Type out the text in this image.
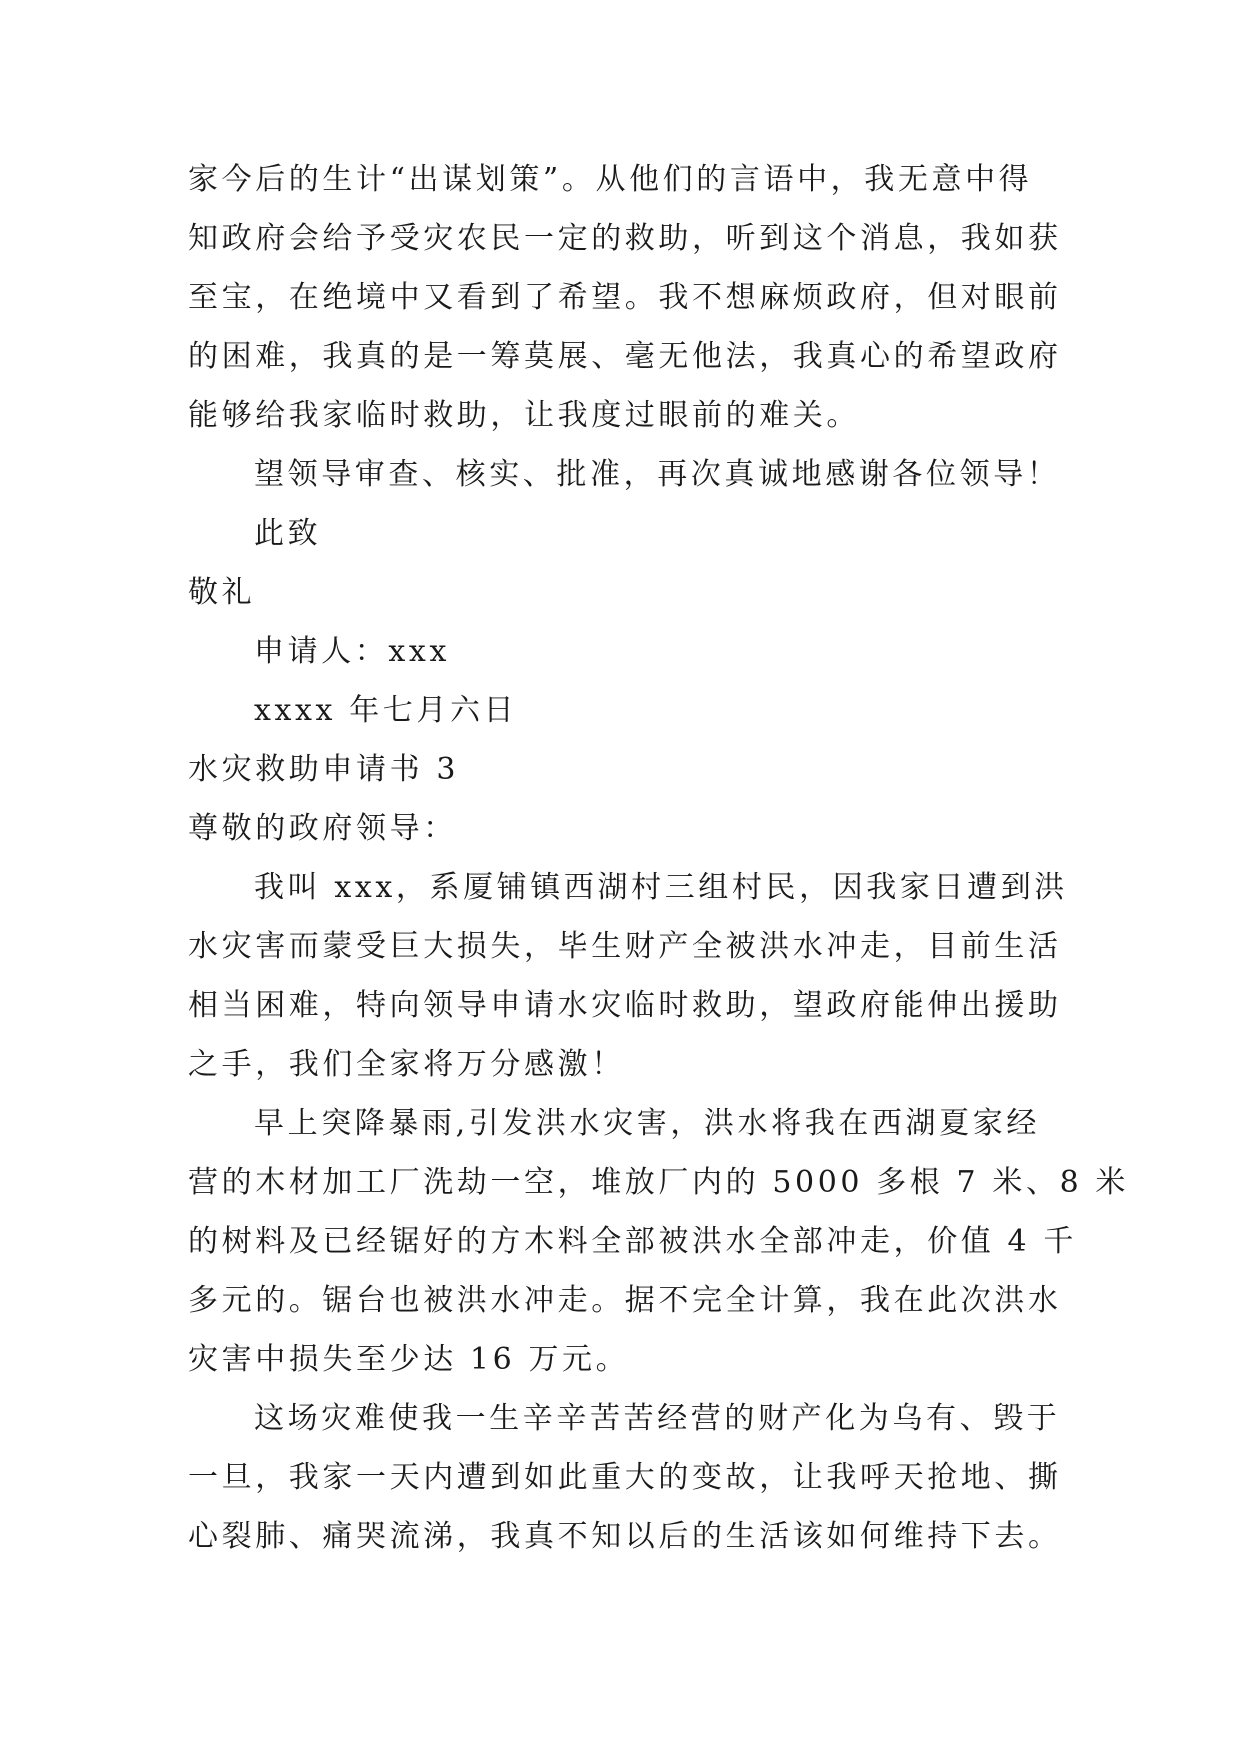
家今后的生计“出谋划策”。从他们的言语中，我无意中得
知政府会给予受灾农民一定的救助，听到这个消息，我如获
至宝，在绝境中又看到了希望。我不想麻烦政府，但对眼前
的困难，我真的是一筹莫展、毫无他法，我真心的希望政府
能够给我家临时救助，让我度过眼前的难关。
望领导审查、核实、批准，再次真诚地感谢各位领导！
此致
敬礼
申请人：xxx
xxxx 年七月六日
水灾救助申请书 3
尊敬的政府领导：
我叫 xxx，系厦铺镇西湖村三组村民，因我家日遭到洪
水灾害而蒙受巨大损失，毕生财产全被洪水冲走，目前生活
相当困难，特向领导申请水灾临时救助，望政府能伸出援助
之手，我们全家将万分感激！
早上突降暴雨,引发洪水灾害，洪水将我在西湖夏家经
营的木材加工厂洗劫一空，堆放厂内的 5000 多根 7 米、8 米
的树料及已经锯好的方木料全部被洪水全部冲走，价值 4 千
多元的。锯台也被洪水冲走。据不完全计算，我在此次洪水
灾害中损失至少达 16 万元。
这场灾难使我一生辛辛苦苦经营的财产化为乌有、毁于
一旦，我家一天内遭到如此重大的变故，让我呼天抢地、撕
心裂肺、痛哭流涕，我真不知以后的生活该如何维持下去。
